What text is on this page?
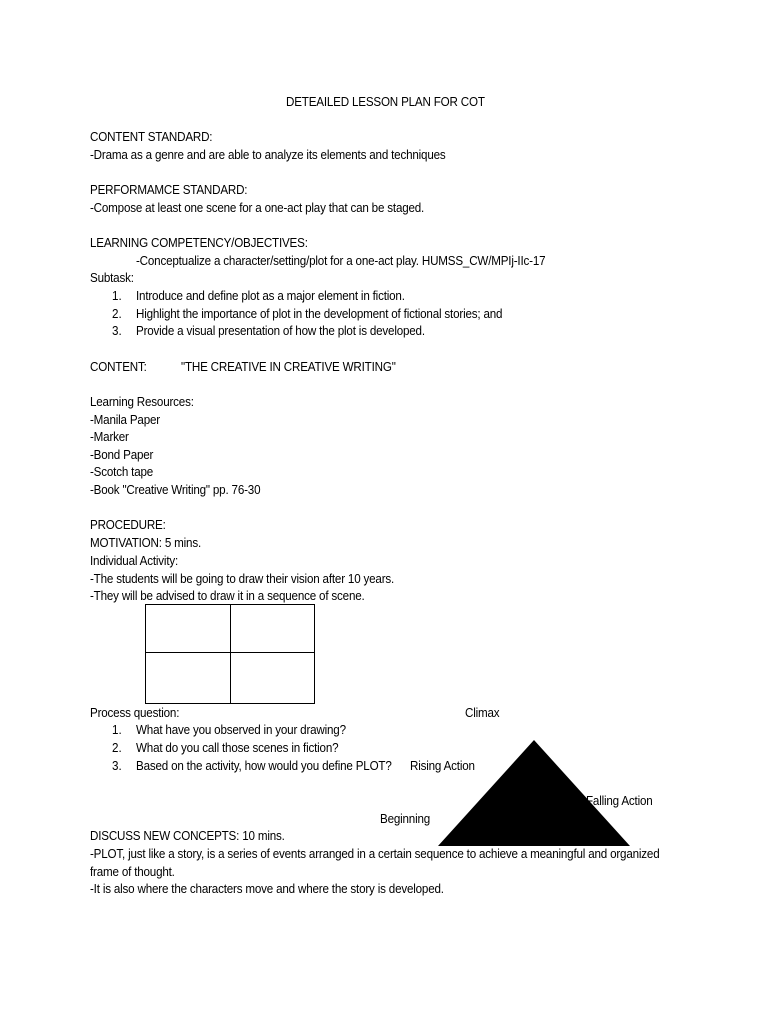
DETEAILED LESSON PLAN FOR COT
CONTENT STANDARD:
-Drama as a genre and are able to analyze its elements and techniques
PERFORMAMCE STANDARD:
-Compose at least one scene for a one-act play that can be staged.
LEARNING COMPETENCY/OBJECTIVES:
-Conceptualize a character/setting/plot for a one-act play. HUMSS_CW/MPIj-IIc-17
Subtask:
1. Introduce and define plot as a major element in fiction.
2. Highlight the importance of plot in the development of fictional stories; and
3. Provide a visual presentation of how the plot is developed.
CONTENT:	"THE CREATIVE IN CREATIVE WRITING"
Learning Resources:
-Manila Paper
-Marker
-Bond Paper
-Scotch tape
-Book "Creative Writing" pp. 76-30
PROCEDURE:
MOTIVATION: 5 mins.
Individual Activity:
-The students will be going to draw their vision after 10 years.
-They will be advised to draw it in a sequence of scene.
Process question:
1. What have you observed in your drawing?
2. What do you call those scenes in fiction?
3. Based on the activity, how would you define PLOT?
Climax
Rising Action
Falling Action
Beginning
DISCUSS NEW CONCEPTS: 10 mins.
-PLOT, just like a story, is a series of events arranged in a certain sequence to achieve a meaningful and organized
frame of thought.
-It is also where the characters move and where the story is developed.
